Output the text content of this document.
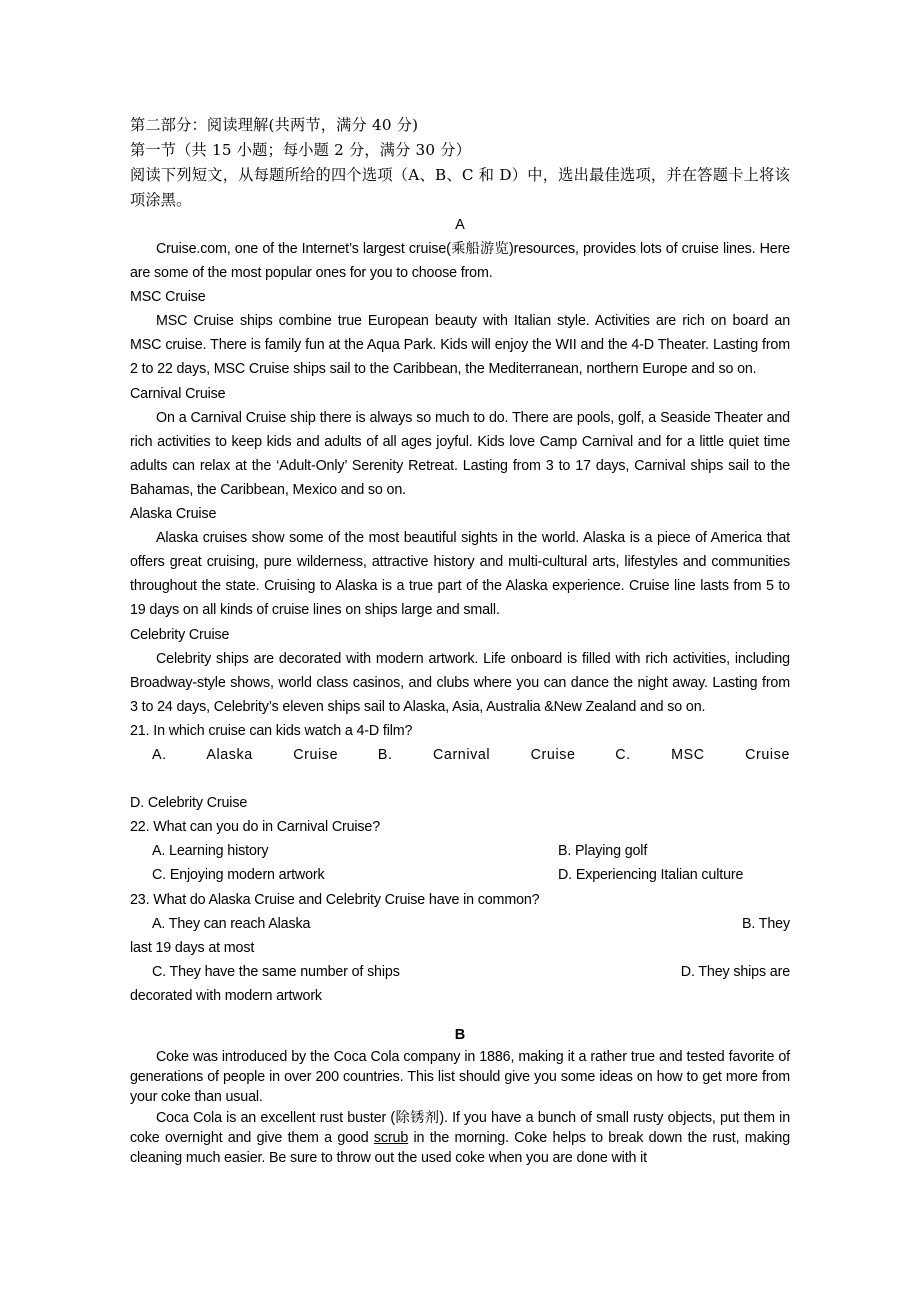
第二部分：阅读理解(共两节，满分 40 分)
第一节（共 15 小题；每小题 2 分，满分 30 分）
阅读下列短文，从每题所给的四个选项（A、B、C 和 D）中，选出最佳选项，并在答题卡上将该项涂黑。
A

Cruise.com, one of the Internet’s largest cruise(乘船游览)resources, provides lots of cruise lines. Here are some of the most popular ones for you to choose from.

MSC Cruise

MSC Cruise ships combine true European beauty with Italian style. Activities are rich on board an MSC cruise. There is family fun at the Aqua Park. Kids will enjoy the WII and the 4-D Theater. Lasting from 2 to 22 days, MSC Cruise ships sail to the Caribbean, the Mediterranean, northern Europe and so on.

Carnival Cruise

On a Carnival Cruise ship there is always so much to do. There are pools, golf, a Seaside Theater and rich activities to keep kids and adults of all ages joyful. Kids love Camp Carnival and for a little quiet time adults can relax at the ‘Adult-Only’ Serenity Retreat. Lasting from 3 to 17 days, Carnival ships sail to the Bahamas, the Caribbean, Mexico and so on.

Alaska Cruise

Alaska cruises show some of the most beautiful sights in the world. Alaska is a piece of America that offers great cruising, pure wilderness, attractive history and multi-cultural arts, lifestyles and communities throughout the state. Cruising to Alaska is a true part of the Alaska experience. Cruise line lasts from 5 to 19 days on all kinds of cruise lines on ships large and small.

Celebrity Cruise

Celebrity ships are decorated with modern artwork. Life onboard is filled with rich activities, including Broadway-style shows, world class casinos, and clubs where you can dance the night away. Lasting from 3 to 24 days, Celebrity’s eleven ships sail to Alaska, Asia, Australia &New Zealand and so on.

21. In which cruise can kids watch a 4-D film?

A. Alaska Cruise	B. Carnival Cruise	C. MSC Cruise

D. Celebrity Cruise

22. What can you do in Carnival Cruise?

A. Learning history	B. Playing golf

C. Enjoying modern artwork	D. Experiencing Italian culture

23. What do Alaska Cruise and Celebrity Cruise have in common?

A. They can reach Alaska	B. They

last 19 days at most

C. They have the same number of ships	D. They ships are

decorated with modern artwork

B

Coke was introduced by the Coca Cola company in 1886, making it a rather true and tested favorite of generations of people in over 200 countries. This list should give you some ideas on how to get more from your coke than usual.

Coca Cola is an excellent rust buster (除锈剂). If you have a bunch of small rusty objects, put them in coke overnight and give them a good scrub in the morning. Coke helps to break down the rust, making cleaning much easier. Be sure to throw out the used coke when you are done with it
